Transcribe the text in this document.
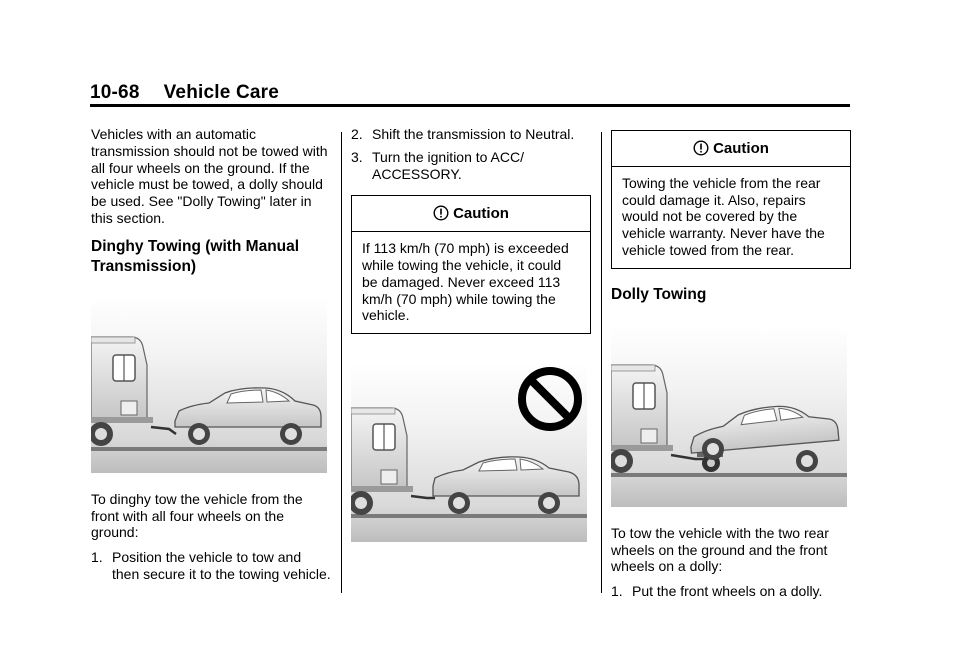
10-68 Vehicle Care

Vehicles with an automatic transmission should not be towed with all four wheels on the ground. If the vehicle must be towed, a dolly should be used. See "Dolly Towing" later in this section.

Dinghy Towing (with Manual Transmission)

To dinghy tow the vehicle from the front with all four wheels on the ground:

1. Position the vehicle to tow and then secure it to the towing vehicle.
2. Shift the transmission to Neutral.
3. Turn the ignition to ACC/ ACCESSORY.
Caution
If 113 km/h (70 mph) is exceeded while towing the vehicle, it could be damaged. Never exceed 113 km/h (70 mph) while towing the vehicle.
Caution
Towing the vehicle from the rear could damage it. Also, repairs would not be covered by the vehicle warranty. Never have the vehicle towed from the rear.

Dolly Towing

To tow the vehicle with the two rear wheels on the ground and the front wheels on a dolly:

1. Put the front wheels on a dolly.
